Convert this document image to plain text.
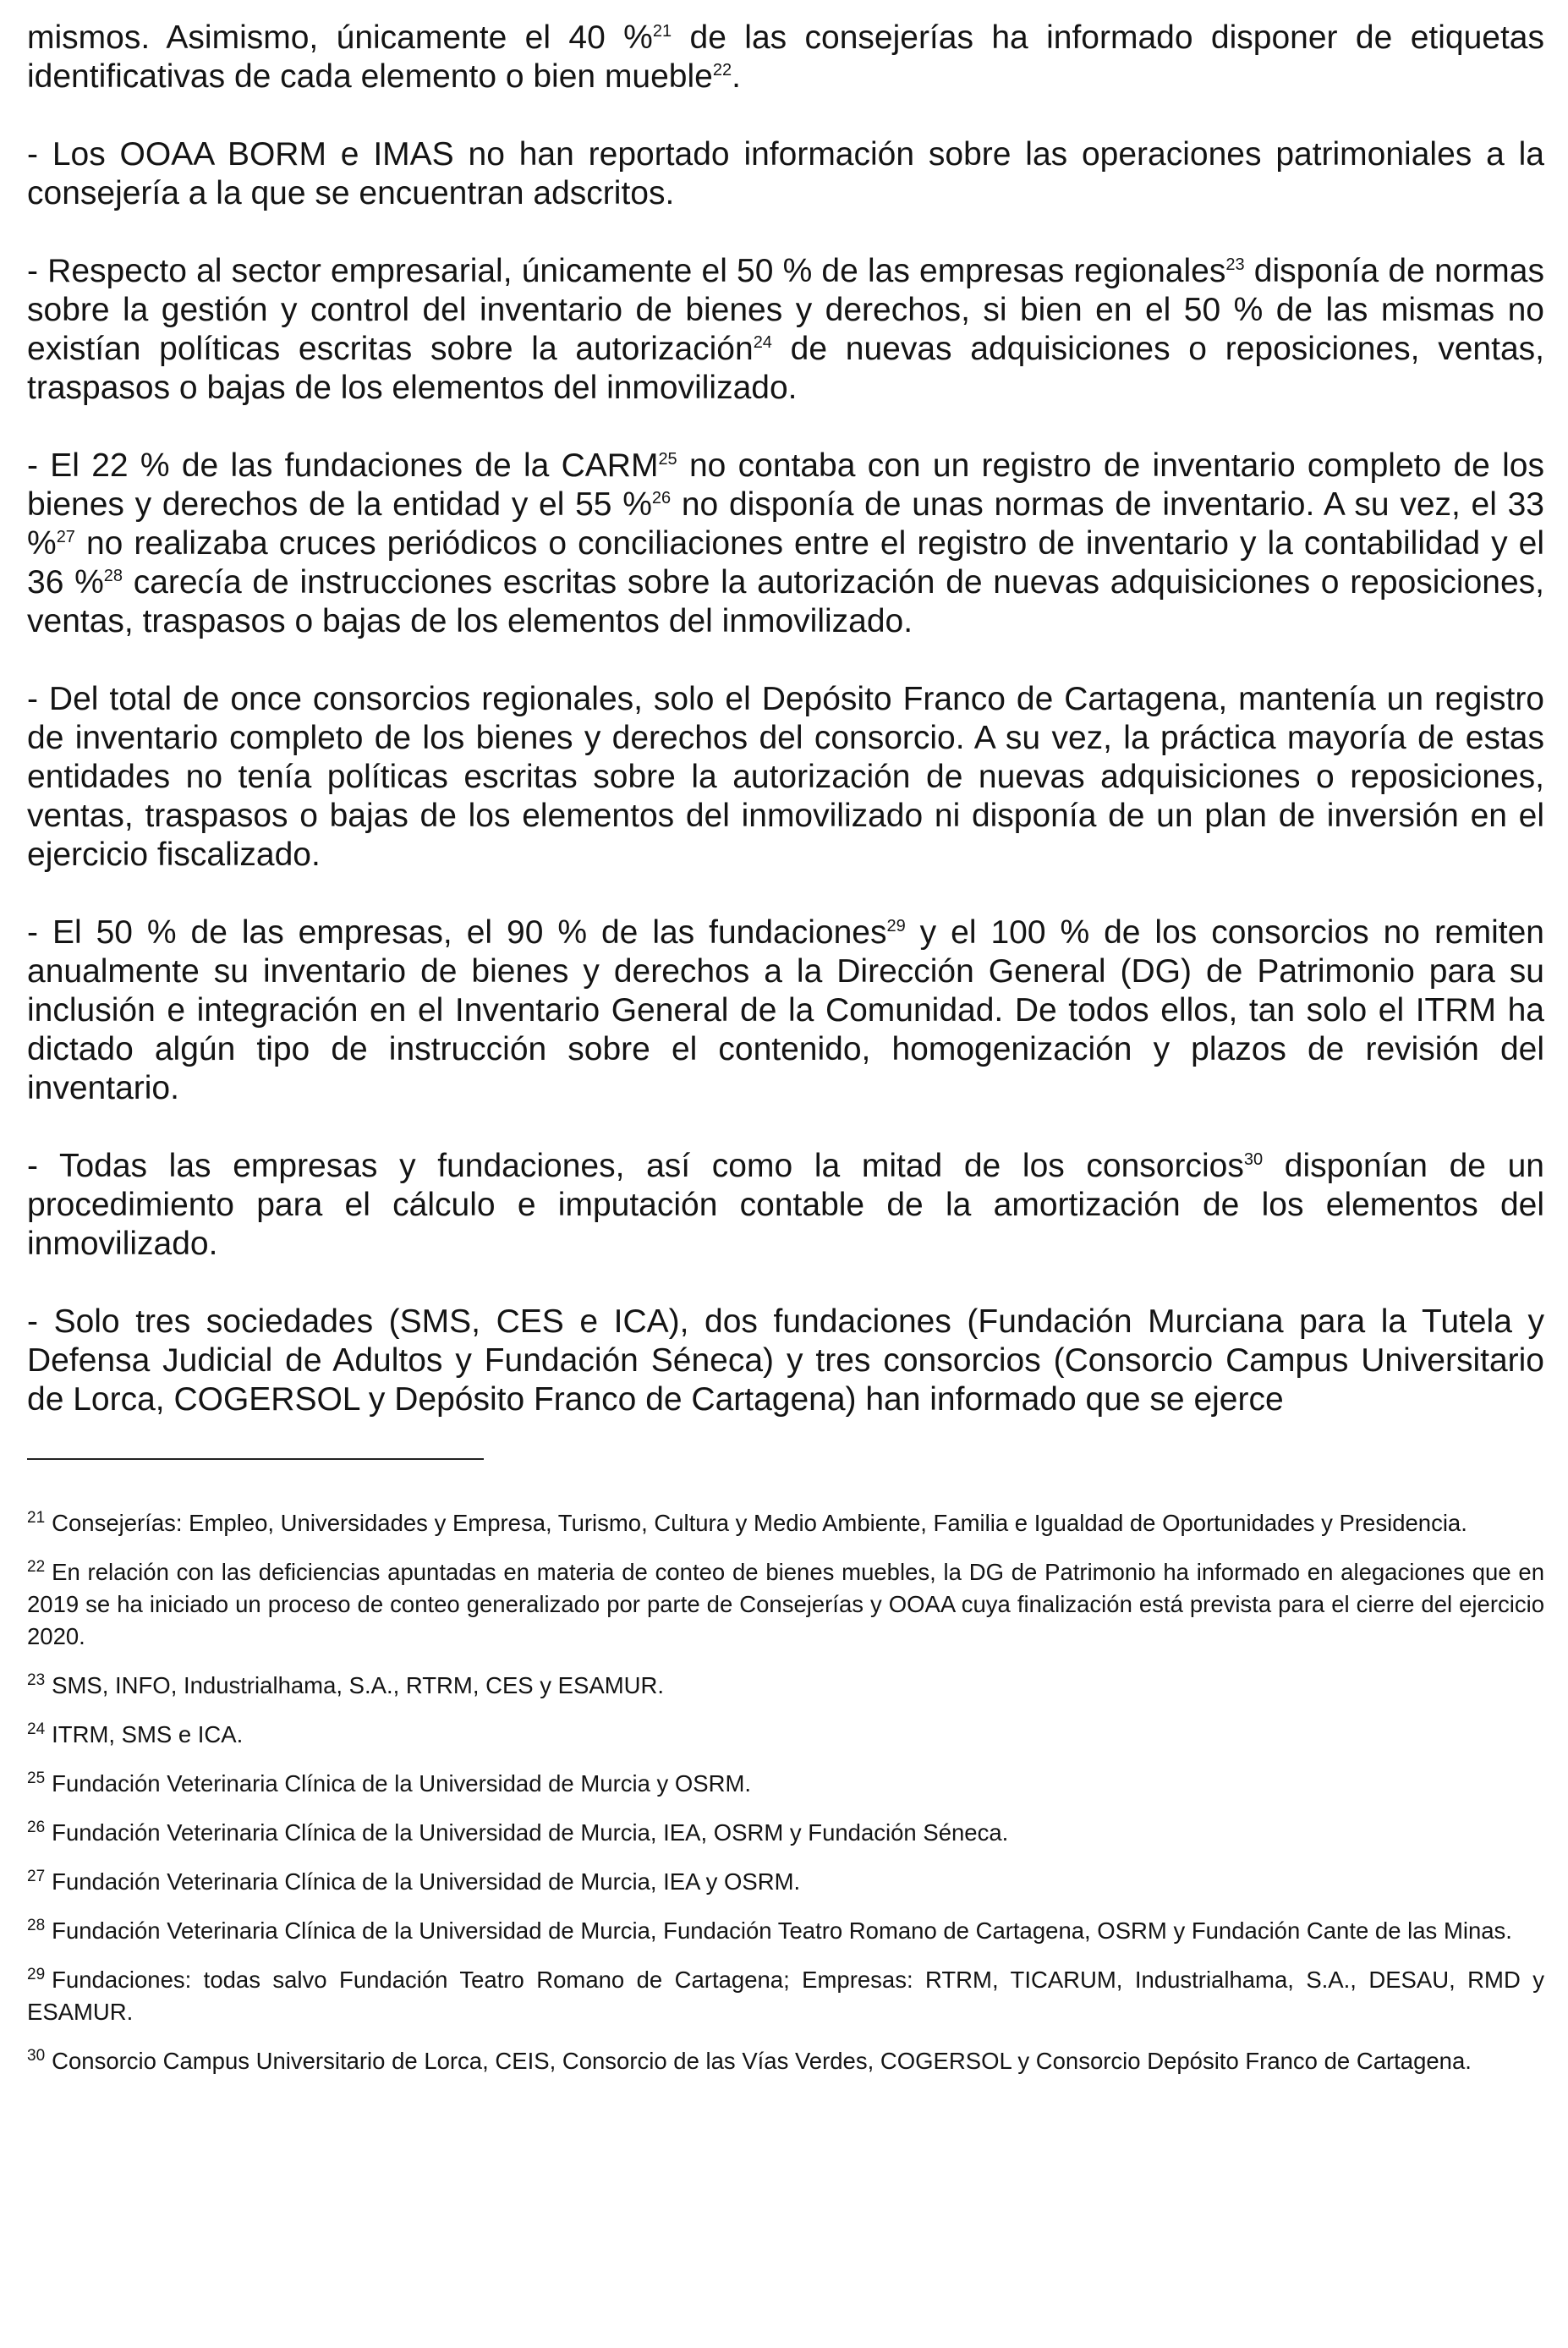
mismos. Asimismo, únicamente el 40 %$^{21}$ de las consejerías ha informado disponer de etiquetas identificativas de cada elemento o bien mueble$^{22}$.

- Los OOAA BORM e IMAS no han reportado información sobre las operaciones patrimoniales a la consejería a la que se encuentran adscritos.

- Respecto al sector empresarial, únicamente el 50 % de las empresas regionales$^{23}$ disponía de normas sobre la gestión y control del inventario de bienes y derechos, si bien en el 50 % de las mismas no existían políticas escritas sobre la autorización$^{24}$ de nuevas adquisiciones o reposiciones, ventas, traspasos o bajas de los elementos del inmovilizado.

- El 22 % de las fundaciones de la CARM$^{25}$ no contaba con un registro de inventario completo de los bienes y derechos de la entidad y el 55 %$^{26}$ no disponía de unas normas de inventario. A su vez, el 33 %$^{27}$ no realizaba cruces periódicos o conciliaciones entre el registro de inventario y la contabilidad y el 36 %$^{28}$ carecía de instrucciones escritas sobre la autorización de nuevas adquisiciones o reposiciones, ventas, traspasos o bajas de los elementos del inmovilizado.

- Del total de once consorcios regionales, solo el Depósito Franco de Cartagena, mantenía un registro de inventario completo de los bienes y derechos del consorcio. A su vez, la práctica mayoría de estas entidades no tenía políticas escritas sobre la autorización de nuevas adquisiciones o reposiciones, ventas, traspasos o bajas de los elementos del inmovilizado ni disponía de un plan de inversión en el ejercicio fiscalizado.

- El 50 % de las empresas, el 90 % de las fundaciones$^{29}$ y el 100 % de los consorcios no remiten anualmente su inventario de bienes y derechos a la Dirección General (DG) de Patrimonio para su inclusión e integración en el Inventario General de la Comunidad. De todos ellos, tan solo el ITRM ha dictado algún tipo de instrucción sobre el contenido, homogenización y plazos de revisión del inventario.

- Todas las empresas y fundaciones, así como la mitad de los consorcios$^{30}$ disponían de un procedimiento para el cálculo e imputación contable de la amortización de los elementos del inmovilizado.

- Solo tres sociedades (SMS, CES e ICA), dos fundaciones (Fundación Murciana para la Tutela y Defensa Judicial de Adultos y Fundación Séneca) y tres consorcios (Consorcio Campus Universitario de Lorca, COGERSOL y Depósito Franco de Cartagena) han informado que se ejerce

$^{21}$ Consejerías: Empleo, Universidades y Empresa, Turismo, Cultura y Medio Ambiente, Familia e Igualdad de Oportunidades y Presidencia.

$^{22}$ En relación con las deficiencias apuntadas en materia de conteo de bienes muebles, la DG de Patrimonio ha informado en alegaciones que en 2019 se ha iniciado un proceso de conteo generalizado por parte de Consejerías y OOAA cuya finalización está prevista para el cierre del ejercicio 2020.

$^{23}$ SMS, INFO, Industrialhama, S.A., RTRM, CES y ESAMUR.

$^{24}$ ITRM, SMS e ICA.

$^{25}$ Fundación Veterinaria Clínica de la Universidad de Murcia y OSRM.

$^{26}$ Fundación Veterinaria Clínica de la Universidad de Murcia, IEA, OSRM y Fundación Séneca.

$^{27}$ Fundación Veterinaria Clínica de la Universidad de Murcia, IEA y OSRM.

$^{28}$ Fundación Veterinaria Clínica de la Universidad de Murcia, Fundación Teatro Romano de Cartagena, OSRM y Fundación Cante de las Minas.

$^{29}$ Fundaciones: todas salvo Fundación Teatro Romano de Cartagena; Empresas: RTRM, TICARUM, Industrialhama, S.A., DESAU, RMD y ESAMUR.

$^{30}$ Consorcio Campus Universitario de Lorca, CEIS, Consorcio de las Vías Verdes, COGERSOL y Consorcio Depósito Franco de Cartagena.
